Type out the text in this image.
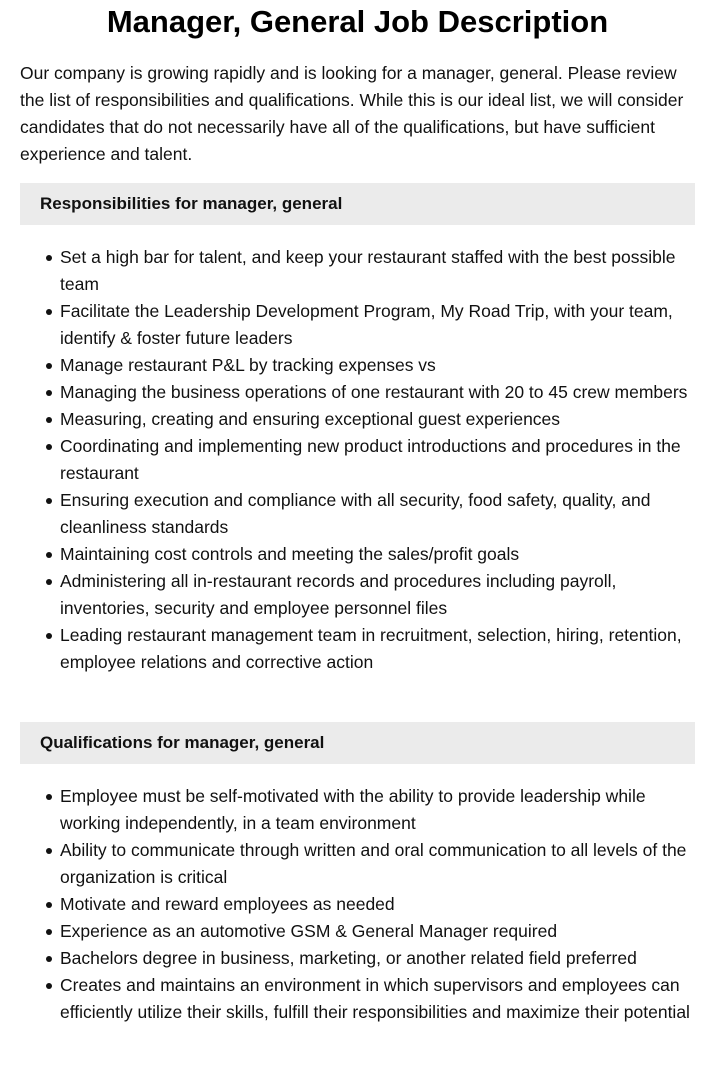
Manager, General Job Description

Our company is growing rapidly and is looking for a manager, general. Please review the list of responsibilities and qualifications. While this is our ideal list, we will consider candidates that do not necessarily have all of the qualifications, but have sufficient experience and talent.

Responsibilities for manager, general
Set a high bar for talent, and keep your restaurant staffed with the best possible team
Facilitate the Leadership Development Program, My Road Trip, with your team, identify & foster future leaders
Manage restaurant P&L by tracking expenses vs
Managing the business operations of one restaurant with 20 to 45 crew members
Measuring, creating and ensuring exceptional guest experiences
Coordinating and implementing new product introductions and procedures in the restaurant
Ensuring execution and compliance with all security, food safety, quality, and cleanliness standards
Maintaining cost controls and meeting the sales/profit goals
Administering all in-restaurant records and procedures including payroll, inventories, security and employee personnel files
Leading restaurant management team in recruitment, selection, hiring, retention, employee relations and corrective action
Qualifications for manager, general
Employee must be self-motivated with the ability to provide leadership while working independently, in a team environment
Ability to communicate through written and oral communication to all levels of the organization is critical
Motivate and reward employees as needed
Experience as an automotive GSM & General Manager required
Bachelors degree in business, marketing, or another related field preferred
Creates and maintains an environment in which supervisors and employees can efficiently utilize their skills, fulfill their responsibilities and maximize their potential
